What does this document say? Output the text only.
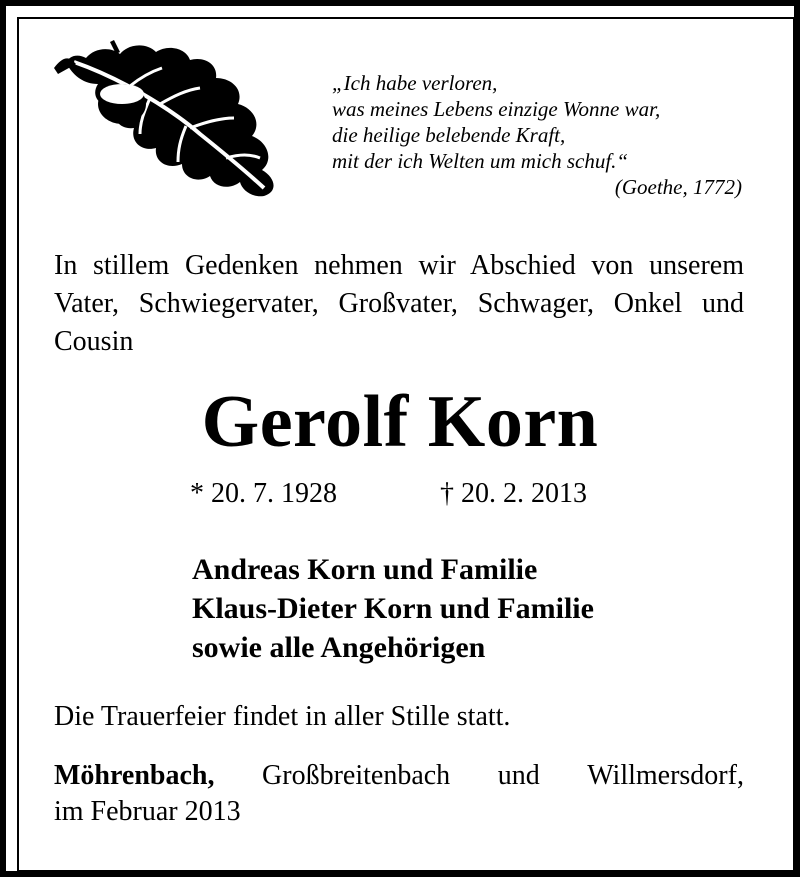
„Ich habe verloren,
was meines Lebens einzige Wonne war,
die heilige belebende Kraft,
mit der ich Welten um mich schuf.“
(Goethe, 1772)
In stillem Gedenken nehmen wir Abschied von unserem Vater, Schwiegervater, Großvater, Schwager, Onkel und Cousin
Gerolf Korn
* 20. 7. 1928	† 20. 2. 2013
Andreas Korn und Familie
Klaus-Dieter Korn und Familie
sowie alle Angehörigen
Die Trauerfeier findet in aller Stille statt.
Möhrenbach, Großbreitenbach und Willmersdorf,
im Februar 2013
